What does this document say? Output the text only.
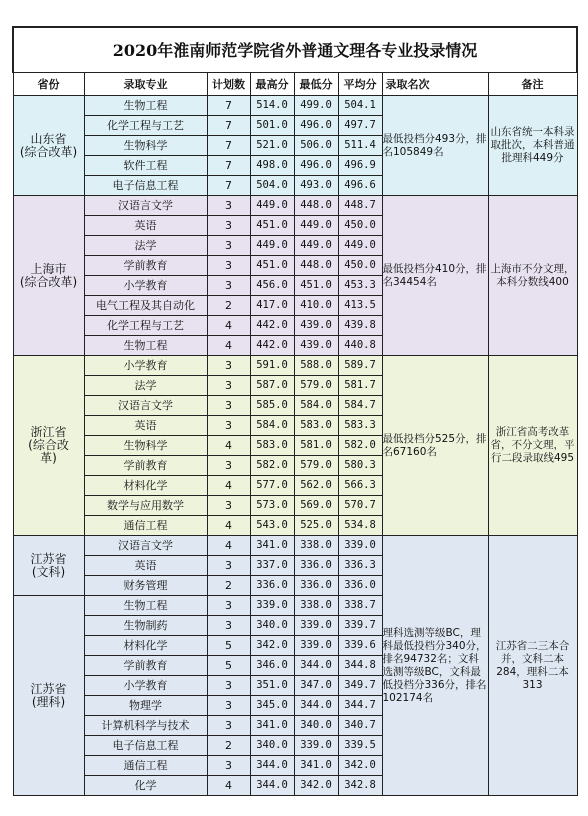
2020年淮南师范学院省外普通文理各专业投录情况							
省份	录取专业	计划数	最高分	最低分	平均分	录取名次	备注

山东省
(综合改革)	生物工程	7	514.0	499.0	504.1	最低投档分493分，排名105849名	山东省统一本科录取批次，本科普通批理科449分
	化学工程与工艺	7	501.0	496.0	497.7		
	生物科学	7	521.0	506.0	511.4		
	软件工程	7	498.0	496.0	496.9		
	电子信息工程	7	504.0	493.0	496.6		

上海市
(综合改革)	汉语言文学	3	449.0	448.0	448.7	最低投档分410分，排名34454名	上海市不分文理，本科分数线400
	英语	3	451.0	449.0	450.0		
	法学	3	449.0	449.0	449.0		
	学前教育	3	451.0	448.0	450.0		
	小学教育	3	456.0	451.0	453.3		
	电气工程及其自动化	2	417.0	410.0	413.5		
	化学工程与工艺	4	442.0	439.0	439.8		
	生物工程	4	442.0	439.0	440.8		

浙江省
(综合改
革)	小学教育	3	591.0	588.0	589.7	最低投档分525分，排名67160名	浙江省高考改革省，不分文理，平行二段录取线495
	法学	3	587.0	579.0	581.7		
	汉语言文学	3	585.0	584.0	584.7		
	英语	3	584.0	583.0	583.3		
	生物科学	4	583.0	581.0	582.0		
	学前教育	3	582.0	579.0	580.3		
	材料化学	4	577.0	562.0	566.3		
	数学与应用数学	3	573.0	569.0	570.7		
	通信工程	4	543.0	525.0	534.8		

江苏省
(文科)	汉语言文学	4	341.0	338.0	339.0	理科选测等级BC，理科最低投档分340分，排名94732名；文科选测等级BC，文科最低投档分336分，排名102174名	江苏省二三本合并，文科二本284，理科二本313
	英语	3	337.0	336.0	336.3		
	财务管理	2	336.0	336.0	336.0		

江苏省
(理科)	生物工程	3	339.0	338.0	338.7		
	生物制药	3	340.0	339.0	339.7		
	材料化学	5	342.0	339.0	339.6		
	学前教育	5	346.0	344.0	344.8		
	小学教育	3	351.0	347.0	349.7		
	物理学	3	345.0	344.0	344.7		
	计算机科学与技术	3	341.0	340.0	340.7		
	电子信息工程	2	340.0	339.0	339.5		
	通信工程	3	344.0	341.0	342.0		
	化学	4	344.0	342.0	342.8		
